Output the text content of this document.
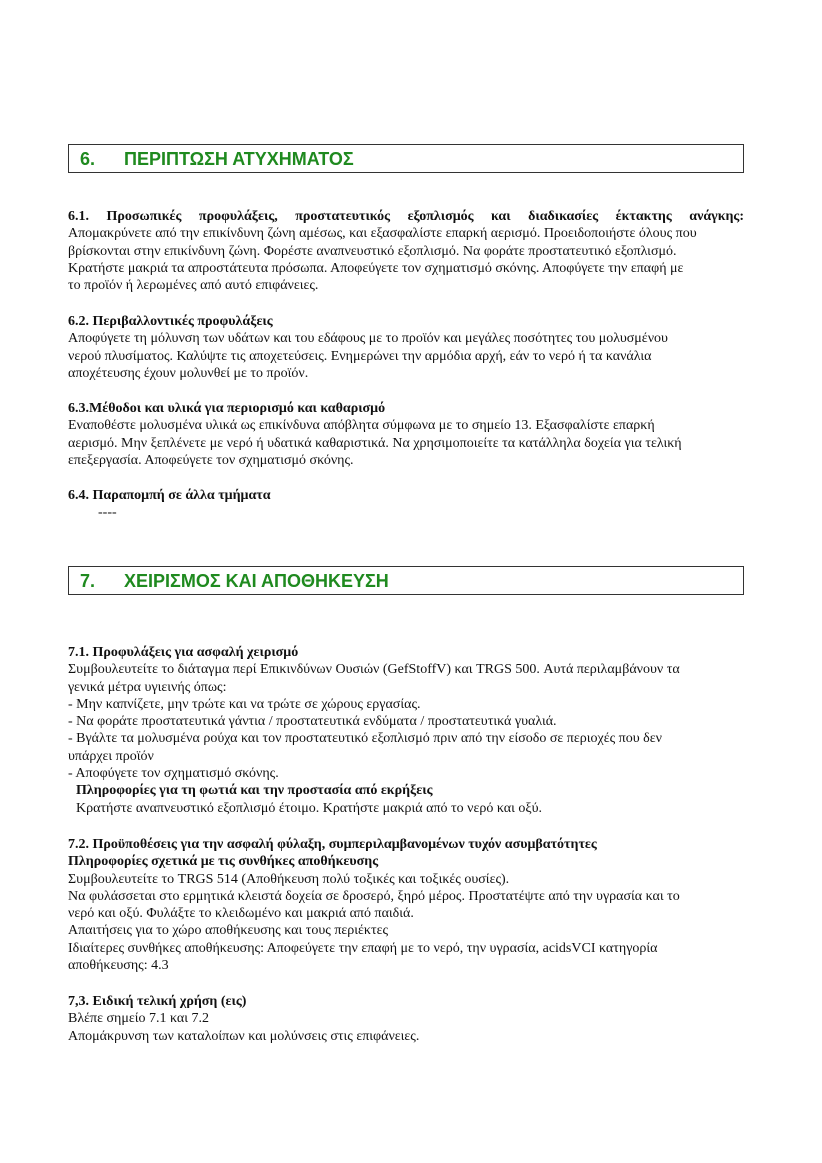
6. ΠΕΡΙΠΤΩΣΗ ΑΤΥΧΗΜΑΤΟΣ

6.1. Προσωπικές προφυλάξεις, προστατευτικός εξοπλισμός και διαδικασίες έκτακτης ανάγκης:

Απομακρύνετε από την επικίνδυνη ζώνη αμέσως, και εξασφαλίστε επαρκή αερισμό. Προειδοποιήστε όλους που

βρίσκονται στην επικίνδυνη ζώνη. Φορέστε αναπνευστικό εξοπλισμό. Να φοράτε προστατευτικό εξοπλισμό.

Κρατήστε μακριά τα απροστάτευτα πρόσωπα. Αποφεύγετε τον σχηματισμό σκόνης. Αποφύγετε την επαφή με

το προϊόν ή λερωμένες από αυτό επιφάνειες.

6.2. Περιβαλλοντικές προφυλάξεις

Αποφύγετε τη μόλυνση των υδάτων και του εδάφους με το προϊόν και μεγάλες ποσότητες του μολυσμένου

νερού πλυσίματος. Καλύψτε τις αποχετεύσεις. Ενημερώνει την αρμόδια αρχή, εάν το νερό ή τα κανάλια

αποχέτευσης έχουν μολυνθεί με το προϊόν.

6.3.Μέθοδοι και υλικά για περιορισμό και καθαρισμό

Εναποθέστε μολυσμένα υλικά ως επικίνδυνα απόβλητα σύμφωνα με το σημείο 13. Εξασφαλίστε επαρκή

αερισμό. Μην ξεπλένετε με νερό ή υδατικά καθαριστικά. Να χρησιμοποιείτε τα κατάλληλα δοχεία για τελική

επεξεργασία. Αποφεύγετε τον σχηματισμό σκόνης.

6.4. Παραπομπή σε άλλα τμήματα

----

7. ΧΕΙΡΙΣΜΟΣ ΚΑΙ ΑΠΟΘΗΚΕΥΣΗ

7.1. Προφυλάξεις για ασφαλή χειρισμό

Συμβουλευτείτε το διάταγμα περί Επικινδύνων Ουσιών (GefStoffV) και TRGS 500. Αυτά περιλαμβάνουν τα

γενικά μέτρα υγιεινής όπως:

- Μην καπνίζετε, μην τρώτε και να τρώτε σε χώρους εργασίας.

- Να φοράτε προστατευτικά γάντια / προστατευτικά ενδύματα / προστατευτικά γυαλιά.

- Βγάλτε τα μολυσμένα ρούχα και τον προστατευτικό εξοπλισμό πριν από την είσοδο σε περιοχές που δεν

υπάρχει προϊόν

- Αποφύγετε τον σχηματισμό σκόνης.

Πληροφορίες για τη φωτιά και την προστασία από εκρήξεις

Κρατήστε αναπνευστικό εξοπλισμό έτοιμο. Κρατήστε μακριά από το νερό και οξύ.

7.2. Προϋποθέσεις για την ασφαλή φύλαξη, συμπεριλαμβανομένων τυχόν ασυμβατότητες

Πληροφορίες σχετικά με τις συνθήκες αποθήκευσης

Συμβουλευτείτε το TRGS 514 (Αποθήκευση πολύ τοξικές και τοξικές ουσίες).

Να φυλάσσεται στο ερμητικά κλειστά δοχεία σε δροσερό, ξηρό μέρος. Προστατέψτε από την υγρασία και το

νερό και οξύ. Φυλάξτε το κλειδωμένο και μακριά από παιδιά.

Απαιτήσεις για το χώρο αποθήκευσης και τους περιέκτες

Ιδιαίτερες συνθήκες αποθήκευσης: Αποφεύγετε την επαφή με το νερό, την υγρασία, acidsVCI κατηγορία

αποθήκευσης: 4.3

7,3. Ειδική τελική χρήση (εις)

Βλέπε σημείο 7.1 και 7.2

Απομάκρυνση των καταλοίπων και μολύνσεις στις επιφάνειες.
